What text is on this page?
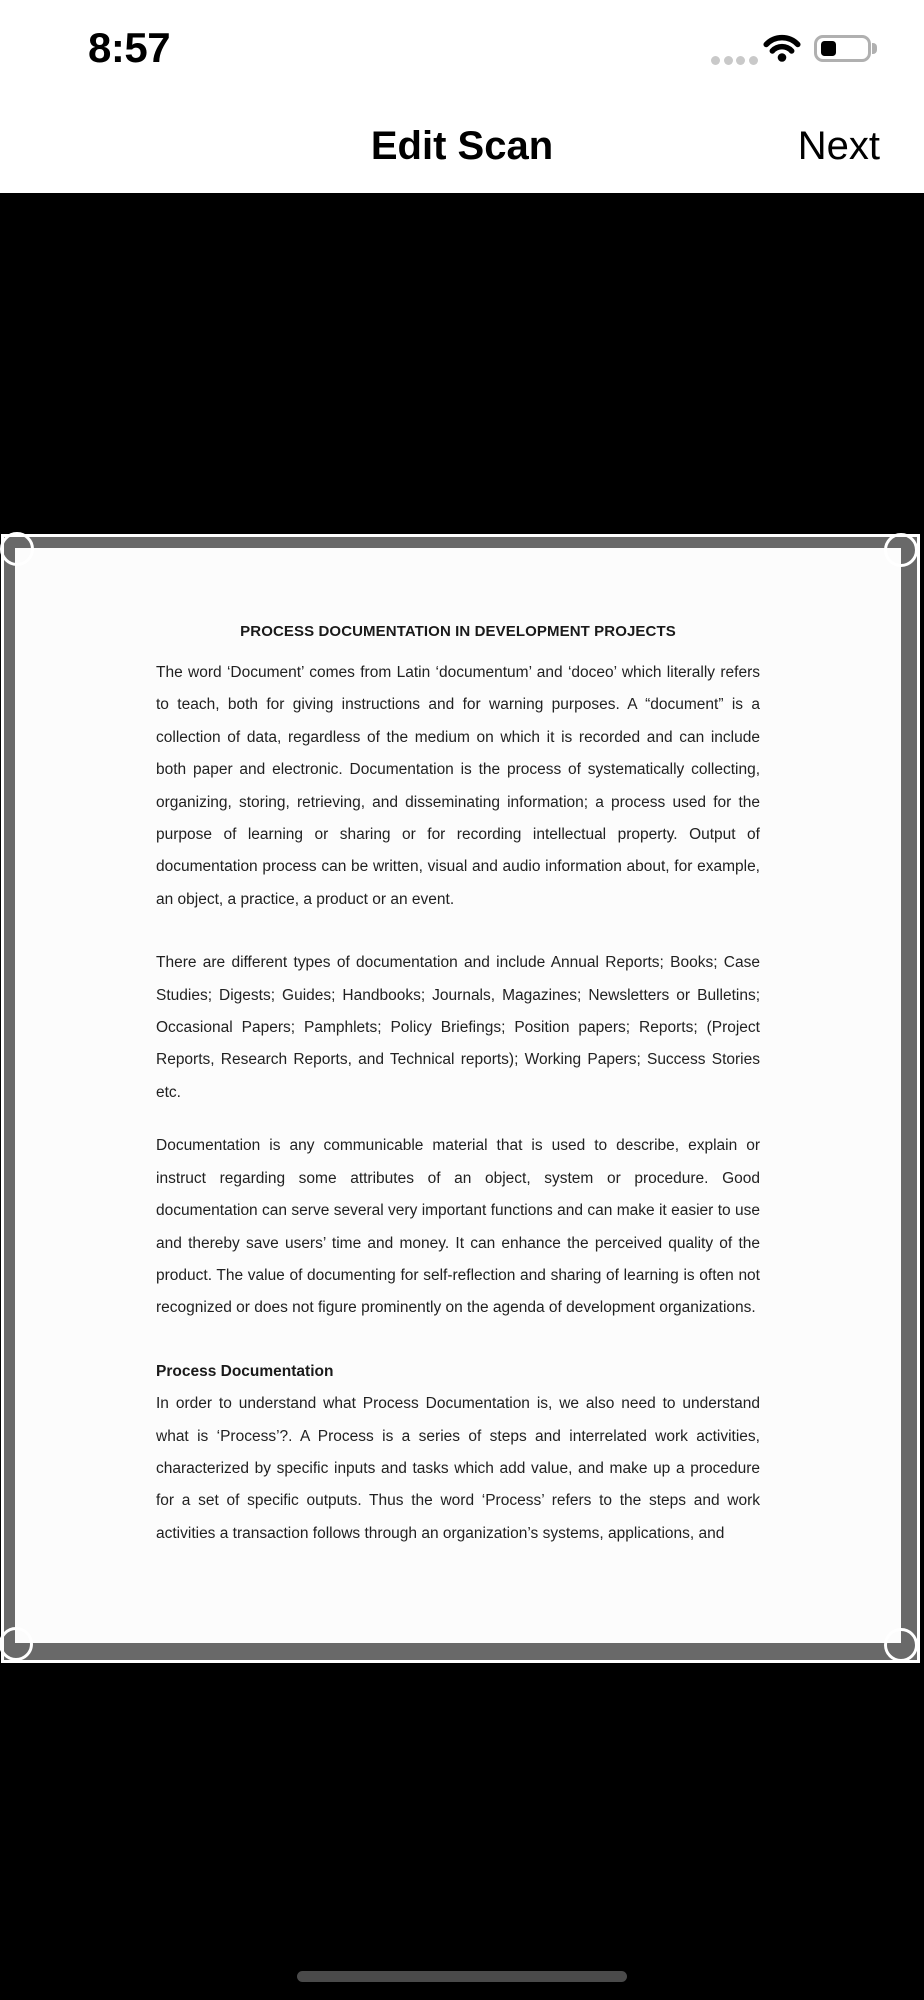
8:57
Edit Scan	Next
PROCESS DOCUMENTATION IN DEVELOPMENT PROJECTS

The word ‘Document’ comes from Latin ‘documentum’ and ‘doceo’ which literally refers to teach, both for giving instructions and for warning purposes. A “document” is a collection of data, regardless of the medium on which it is recorded and can include both paper and electronic. Documentation is the process of systematically collecting, organizing, storing, retrieving, and disseminating information; a process used for the purpose of learning or sharing or for recording intellectual property. Output of documentation process can be written, visual and audio information about, for example, an object, a practice, a product or an event.

There are different types of documentation and include Annual Reports; Books; Case Studies; Digests; Guides; Handbooks; Journals, Magazines; Newsletters or Bulletins; Occasional Papers; Pamphlets; Policy Briefings; Position papers; Reports; (Project Reports, Research Reports, and Technical reports); Working Papers; Success Stories etc.

Documentation is any communicable material that is used to describe, explain or instruct regarding some attributes of an object, system or procedure. Good documentation can serve several very important functions and can make it easier to use and thereby save users’ time and money. It can enhance the perceived quality of the product. The value of documenting for self-reflection and sharing of learning is often not recognized or does not figure prominently on the agenda of development organizations.

Process Documentation

In order to understand what Process Documentation is, we also need to understand what is ‘Process’?. A Process is a series of steps and interrelated work activities, characterized by specific inputs and tasks which add value, and make up a procedure for a set of specific outputs. Thus the word ‘Process’ refers to the steps and work activities a transaction follows through an organization’s systems, applications, and
